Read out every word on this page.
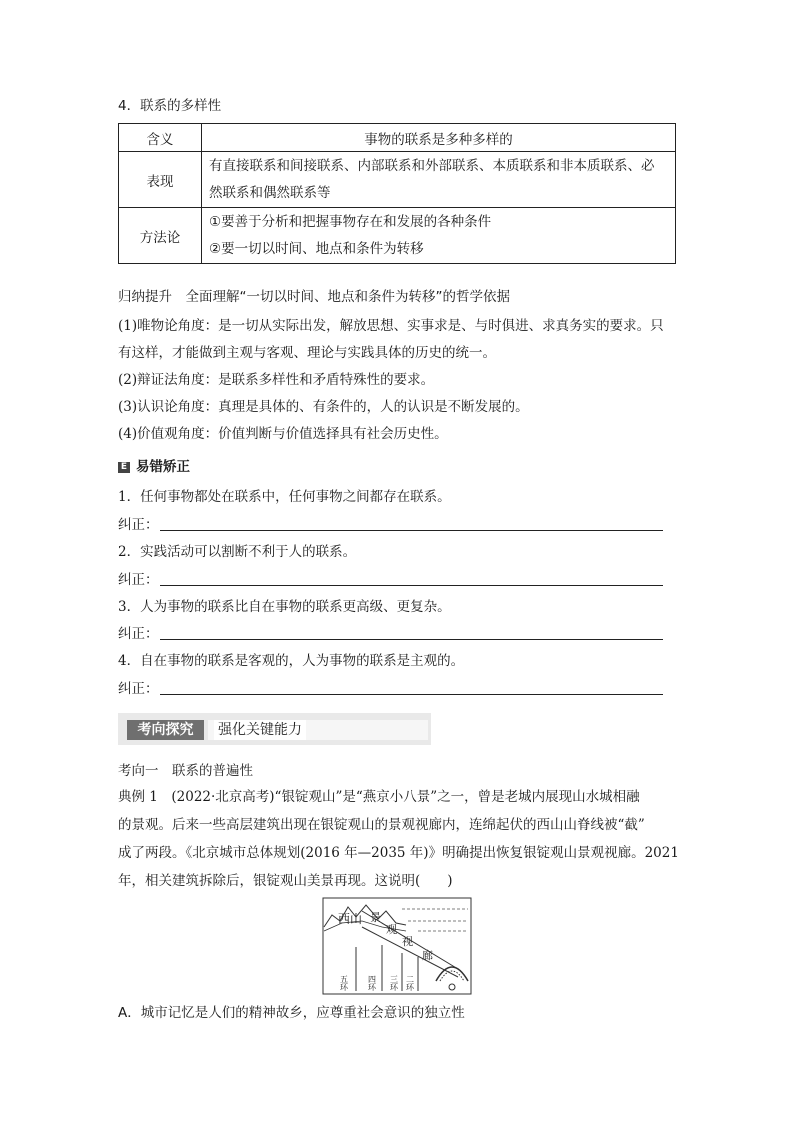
4．联系的多样性
含义	事物的联系是多种多样的
表现	有直接联系和间接联系、内部联系和外部联系、本质联系和非本质联系、必
然联系和偶然联系等

方法论	①要善于分析和把握事物存在和发展的各种条件
②要一切以时间、地点和条件为转移
归纳提升　全面理解“一切以时间、地点和条件为转移”的哲学依据
(1)唯物论角度：是一切从实际出发，解放思想、实事求是、与时俱进、求真务实的要求。只
有这样，才能做到主观与客观、理论与实践具体的历史的统一。
(2)辩证法角度：是联系多样性和矛盾特殊性的要求。
(3)认识论角度：真理是具体的、有条件的，人的认识是不断发展的。
(4)价值观角度：价值判断与价值选择具有社会历史性。
E 易错矫正
1．任何事物都处在联系中，任何事物之间都存在联系。
纠正：
2．实践活动可以割断不利于人的联系。
纠正：
3．人为事物的联系比自在事物的联系更高级、更复杂。
纠正：
4．自在事物的联系是客观的，人为事物的联系是主观的。
纠正：
考向探究	强化关键能力
考向一　联系的普遍性
典例 1　(2022·北京高考)“银锭观山”是“燕京小八景”之一，曾是老城内展现山水城相融
的景观。后来一些高层建筑出现在银锭观山的景观视廊内，连绵起伏的西山山脊线被“截”
成了两段。《北京城市总体规划(2016 年—2035 年)》明确提出恢复银锭观山景观视廊。2021
年，相关建筑拆除后，银锭观山美景再现。这说明(　　)
西山 景
观
视
廊
五环 四环 三环 二环
A．城市记忆是人们的精神故乡，应尊重社会意识的独立性
